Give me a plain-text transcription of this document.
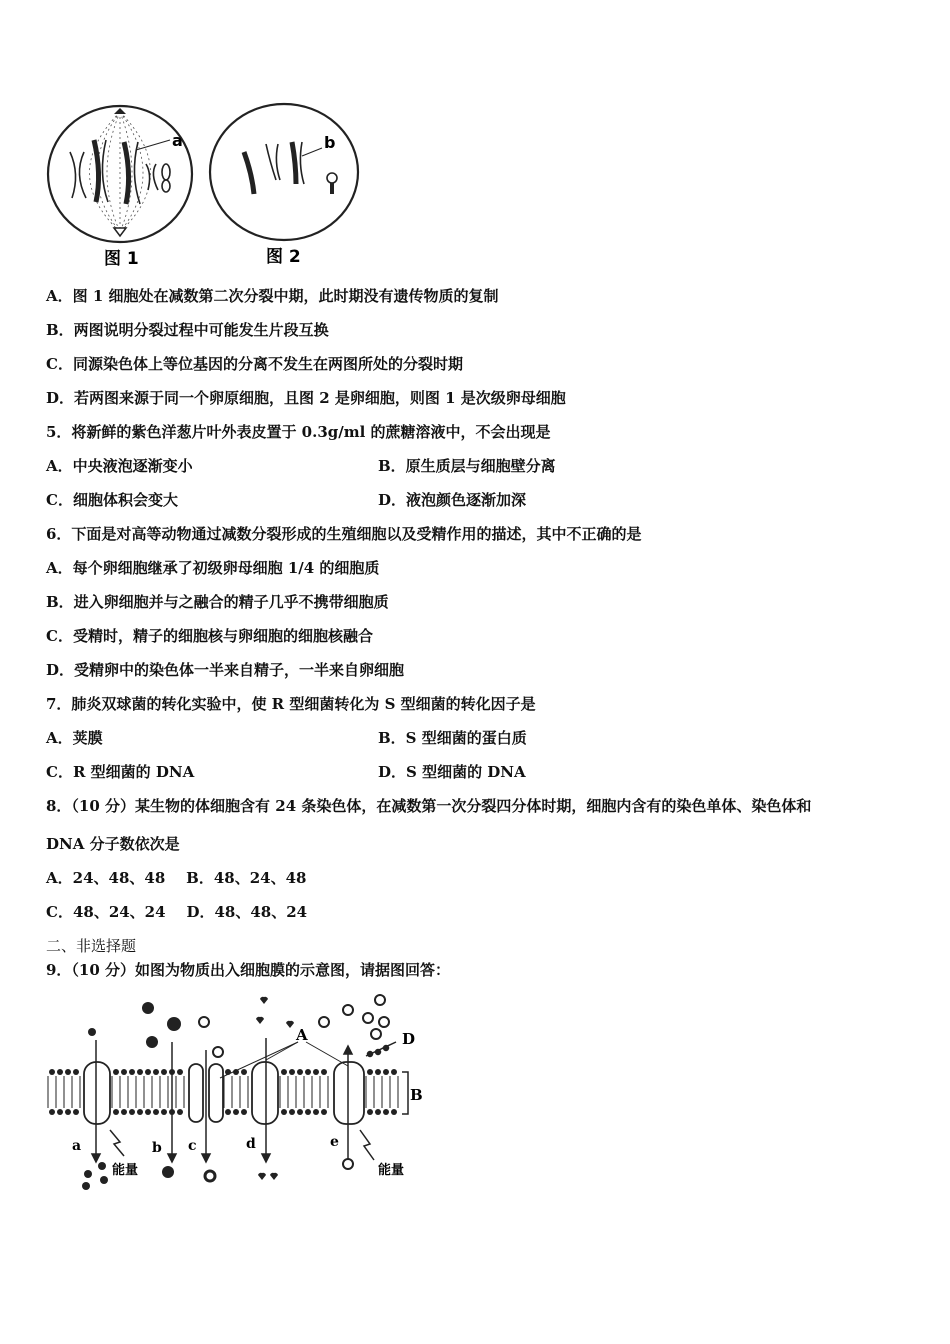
a	b
图 1	图 2
A．图 1 细胞处在减数第二次分裂中期，此时期没有遗传物质的复制
B．两图说明分裂过程中可能发生片段互换
C．同源染色体上等位基因的分离不发生在两图所处的分裂时期
D．若两图来源于同一个卵原细胞，且图 2 是卵细胞，则图 1 是次级卵母细胞
5．将新鲜的紫色洋葱片叶外表皮置于 0.3g/ml 的蔗糖溶液中，不会出现是
A．中央液泡逐渐变小	B．原生质层与细胞壁分离
C．细胞体积会变大	D．液泡颜色逐渐加深
6．下面是对高等动物通过减数分裂形成的生殖细胞以及受精作用的描述，其中不正确的是
A．每个卵细胞继承了初级卵母细胞 1/4 的细胞质
B．进入卵细胞并与之融合的精子几乎不携带细胞质
C．受精时，精子的细胞核与卵细胞的细胞核融合
D．受精卵中的染色体一半来自精子，一半来自卵细胞
7．肺炎双球菌的转化实验中，使 R 型细菌转化为 S 型细菌的转化因子是
A．荚膜	B．S 型细菌的蛋白质
C．R 型细菌的 DNA	D．S 型细菌的 DNA
8．（10 分）某生物的体细胞含有 24 条染色体，在减数第一次分裂四分体时期，细胞内含有的染色单体、染色体和
DNA 分子数依次是
A．24、48、48    B．48、24、48
C．48、24、24    D．48、48、24
二、非选择题
9．（10 分）如图为物质出入细胞膜的示意图，请据图回答：
B
D
A
能量	能量
a	b c	d	e
